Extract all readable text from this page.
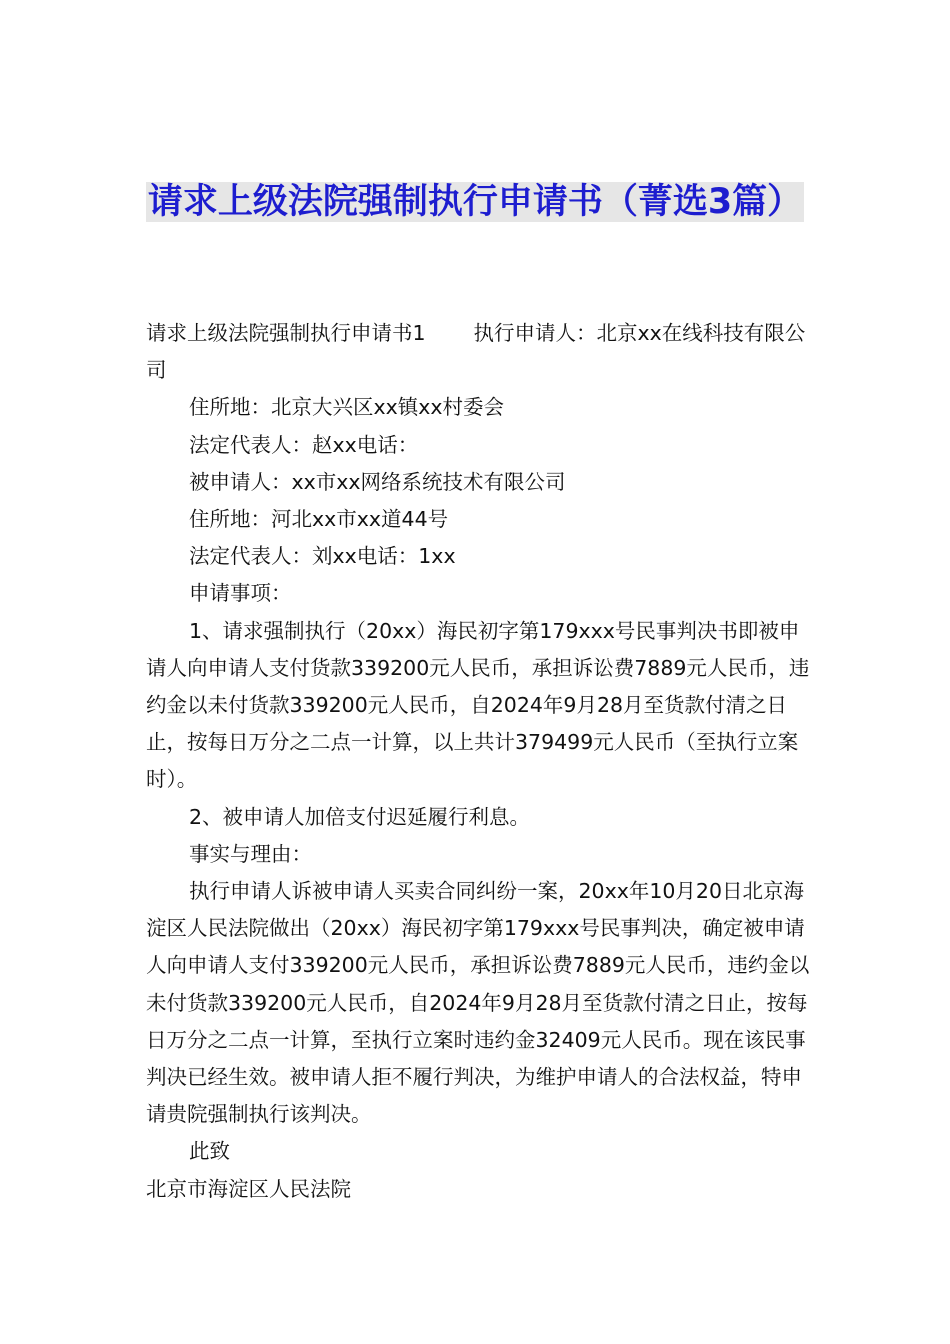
请求上级法院强制执行申请书（菁选3篇）

请求上级法院强制执行申请书1 执行申请人：北京xx在线科技有限公司

住所地：北京大兴区xx镇xx村委会

法定代表人：赵xx电话：

被申请人：xx市xx网络系统技术有限公司

住所地：河北xx市xx道44号

法定代表人：刘xx电话：1xx

申请事项：

1、请求强制执行（20xx）海民初字第179xxx号民事判决书即被申请人向申请人支付货款339200元人民币，承担诉讼费7889元人民币，违约金以未付货款339200元人民币，自2024年9月28月至货款付清之日止，按每日万分之二点一计算，以上共计379499元人民币（至执行立案时）。

2、被申请人加倍支付迟延履行利息。

事实与理由：

执行申请人诉被申请人买卖合同纠纷一案，20xx年10月20日北京海淀区人民法院做出（20xx）海民初字第179xxx号民事判决，确定被申请人向申请人支付339200元人民币，承担诉讼费7889元人民币，违约金以未付货款339200元人民币，自2024年9月28月至货款付清之日止，按每日万分之二点一计算，至执行立案时违约金32409元人民币。现在该民事判决已经生效。被申请人拒不履行判决，为维护申请人的合法权益，特申请贵院强制执行该判决。

此致

北京市海淀区人民法院
